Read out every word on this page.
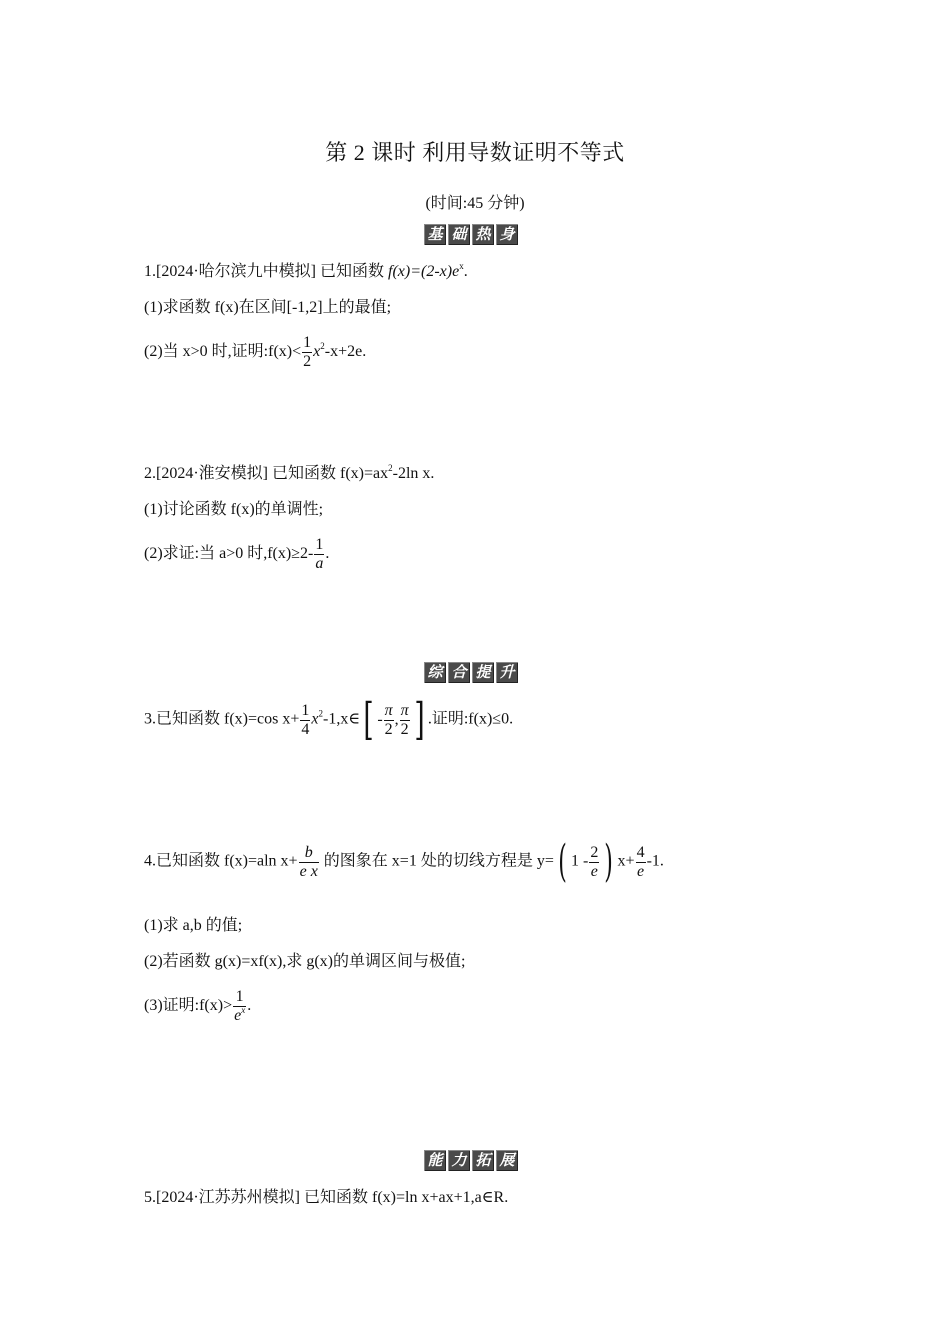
第 2 课时 利用导数证明不等式
(时间:45 分钟)
基 础 热 身
1.[2024·哈尔滨九中模拟] 已知函数 $f(x)=(2-x)e^x$.
(1)求函数 f(x)在区间[-1,2]上的最值;
(2)当 x>0 时,证明:f(x)< $\frac{1}{2} x^2-x+2e$.
2.[2024·淮安模拟] 已知函数 $f(x)=ax^2-2\ln$ x.
(1)讨论函数 f(x)的单调性;
(2)求证:当 a>0 时$,f(x)\ge 2- \frac{1}{a}$ .
综 合 提 升
3.已知函数 f(x)=cos $x+ \frac{1}{4}$ $x^2-1,x\in[ - \frac{\pi}{2}$ , $\frac{\pi}{2}$ ] .证明:f(x)≤0.
4.已知函数 f(x)=aln $x+ \frac{b}{\text{e x}}$ 的图象在 x=1 处的切线方程是 y=( $1 - \frac{2}{e}$ ) $x+ \frac{4}{e} -1$.
(1)求 a,b 的值;
(2)若函数 g(x)=xf(x),求 g(x)的单调区间与极值;
(3)证明:f(x)> $\frac{1}{e^x}$ .
能 力 拓 展
5.[2024·江苏苏州模拟] 已知函数 f(x)=ln x+ax+1,a∈R.
